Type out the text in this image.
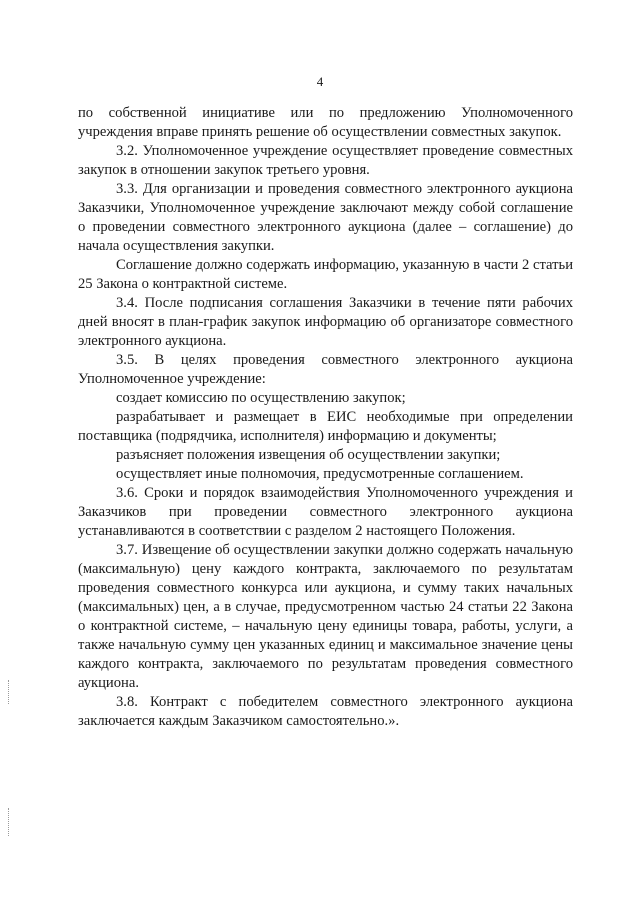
4

по собственной инициативе или по предложению Уполномоченного учреждения вправе принять решение об осуществлении совместных закупок.

3.2. Уполномоченное учреждение осуществляет проведение совместных закупок в отношении закупок третьего уровня.

3.3. Для организации и проведения совместного электронного аукциона Заказчики, Уполномоченное учреждение заключают между собой соглашение о проведении совместного электронного аукциона (далее – соглашение) до начала осуществления закупки.

Соглашение должно содержать информацию, указанную в части 2 статьи 25 Закона о контрактной системе.

3.4. После подписания соглашения Заказчики в течение пяти рабочих дней вносят в план-график закупок информацию об организаторе совместного электронного аукциона.

3.5. В целях проведения совместного электронного аукциона Уполномоченное учреждение:

создает комиссию по осуществлению закупок;

разрабатывает и размещает в ЕИС необходимые при определении поставщика (подрядчика, исполнителя) информацию и документы;

разъясняет положения извещения об осуществлении закупки;

осуществляет иные полномочия, предусмотренные соглашением.

3.6. Сроки и порядок взаимодействия Уполномоченного учреждения и Заказчиков при проведении совместного электронного аукциона устанавливаются в соответствии с разделом 2 настоящего Положения.

3.7. Извещение об осуществлении закупки должно содержать начальную (максимальную) цену каждого контракта, заключаемого по результатам проведения совместного конкурса или аукциона, и сумму таких начальных (максимальных) цен, а в случае, предусмотренном частью 24 статьи 22 Закона о контрактной системе, – начальную цену единицы товара, работы, услуги, а также начальную сумму цен указанных единиц и максимальное значение цены каждого контракта, заключаемого по результатам проведения совместного аукциона.

3.8. Контракт с победителем совместного электронного аукциона заключается каждым Заказчиком самостоятельно.».
